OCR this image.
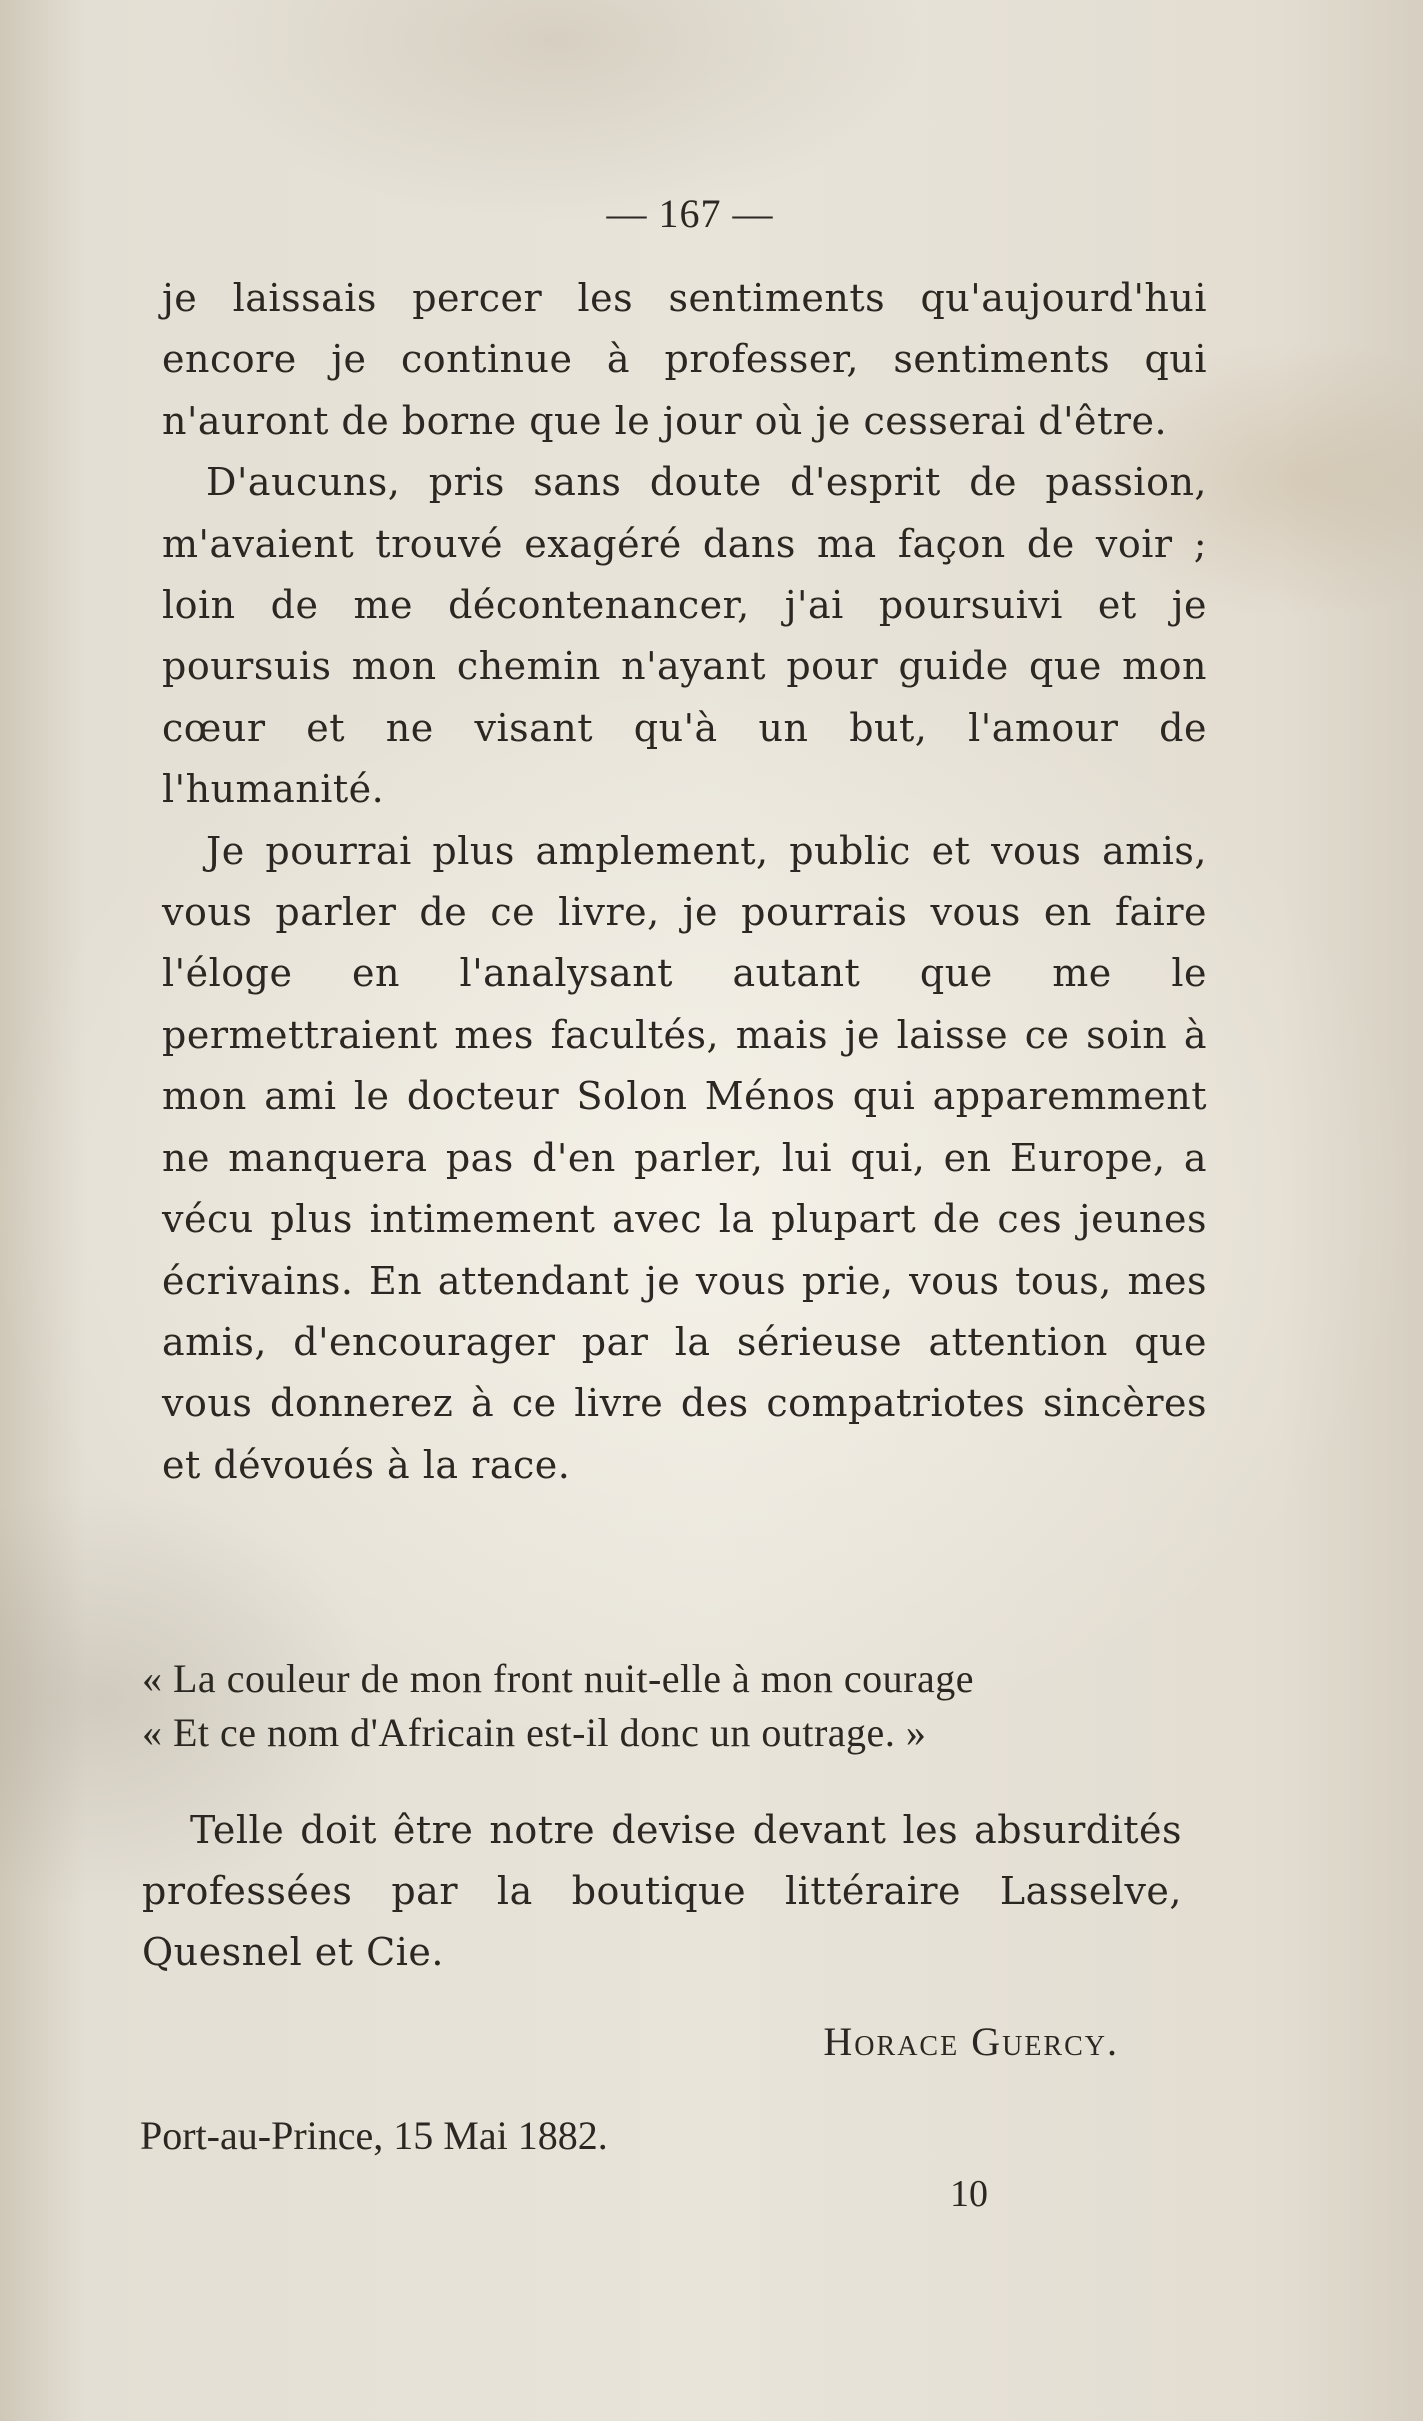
— 167 —

je laissais percer les sentiments qu'aujourd'hui encore je continue à professer, sentiments qui n'auront de borne que le jour où je cesserai d'être.

D'aucuns, pris sans doute d'esprit de passion, m'avaient trouvé exagéré dans ma façon de voir ; loin de me décontenancer, j'ai poursuivi et je poursuis mon chemin n'ayant pour guide que mon cœur et ne visant qu'à un but, l'amour de l'humanité.

Je pourrai plus amplement, public et vous amis, vous parler de ce livre, je pourrais vous en faire l'éloge en l'analysant autant que me le permettraient mes facultés, mais je laisse ce soin à mon ami le docteur Solon Ménos qui apparemment ne manquera pas d'en parler, lui qui, en Europe, a vécu plus intimement avec la plupart de ces jeunes écrivains. En attendant je vous prie, vous tous, mes amis, d'encourager par la sérieuse attention que vous donnerez à ce livre des compatriotes sincères et dévoués à la race.

« La couleur de mon front nuit-elle à mon courage
« Et ce nom d'Africain est-il donc un outrage. »

Telle doit être notre devise devant les absurdités professées par la boutique littéraire Lasselve, Quesnel et Cie.

Horace Guercy.
Port-au-Prince, 15 Mai 1882.
10
